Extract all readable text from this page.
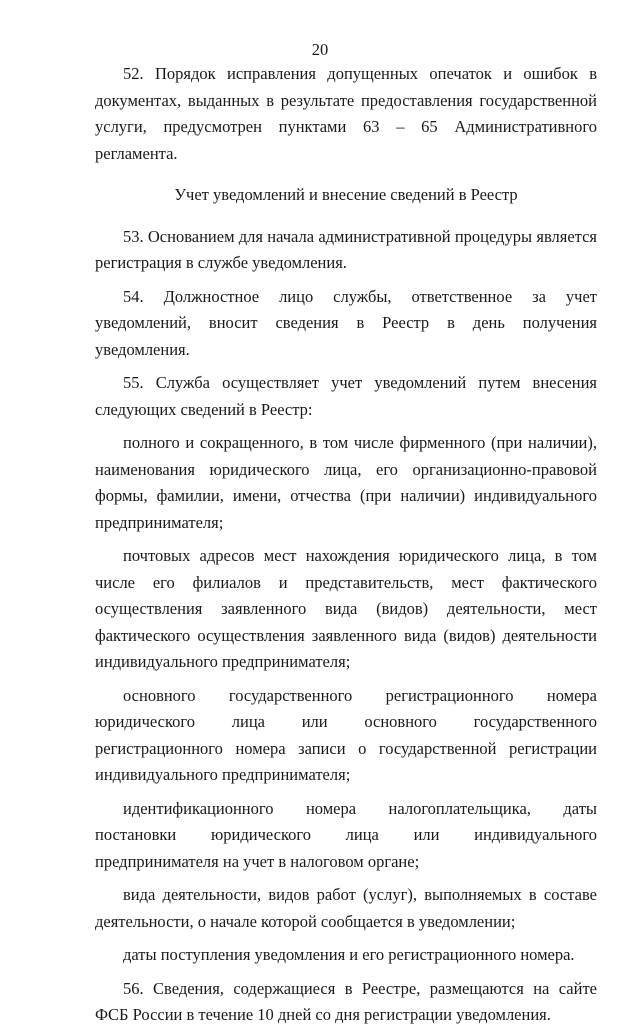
20

52. Порядок исправления допущенных опечаток и ошибок в документах, выданных в результате предоставления государственной услуги, предусмотрен пунктами 63 – 65 Административного регламента.

Учет уведомлений и внесение сведений в Реестр

53. Основанием для начала административной процедуры является регистрация в службе уведомления.

54. Должностное лицо службы, ответственное за учет уведомлений, вносит сведения в Реестр в день получения уведомления.

55. Служба осуществляет учет уведомлений путем внесения следующих сведений в Реестр:

полного и сокращенного, в том числе фирменного (при наличии), наименования юридического лица, его организационно-правовой формы, фамилии, имени, отчества (при наличии) индивидуального предпринимателя;

почтовых адресов мест нахождения юридического лица, в том числе его филиалов и представительств, мест фактического осуществления заявленного вида (видов) деятельности, мест фактического осуществления заявленного вида (видов) деятельности индивидуального предпринимателя;

основного государственного регистрационного номера юридического лица или основного государственного регистрационного номера записи о государственной регистрации индивидуального предпринимателя;

идентификационного номера налогоплательщика, даты постановки юридического лица или индивидуального предпринимателя на учет в налоговом органе;

вида деятельности, видов работ (услуг), выполняемых в составе деятельности, о начале которой сообщается в уведомлении;

даты поступления уведомления и его регистрационного номера.

56. Сведения, содержащиеся в Реестре, размещаются на сайте ФСБ России в течение 10 дней со дня регистрации уведомления.
